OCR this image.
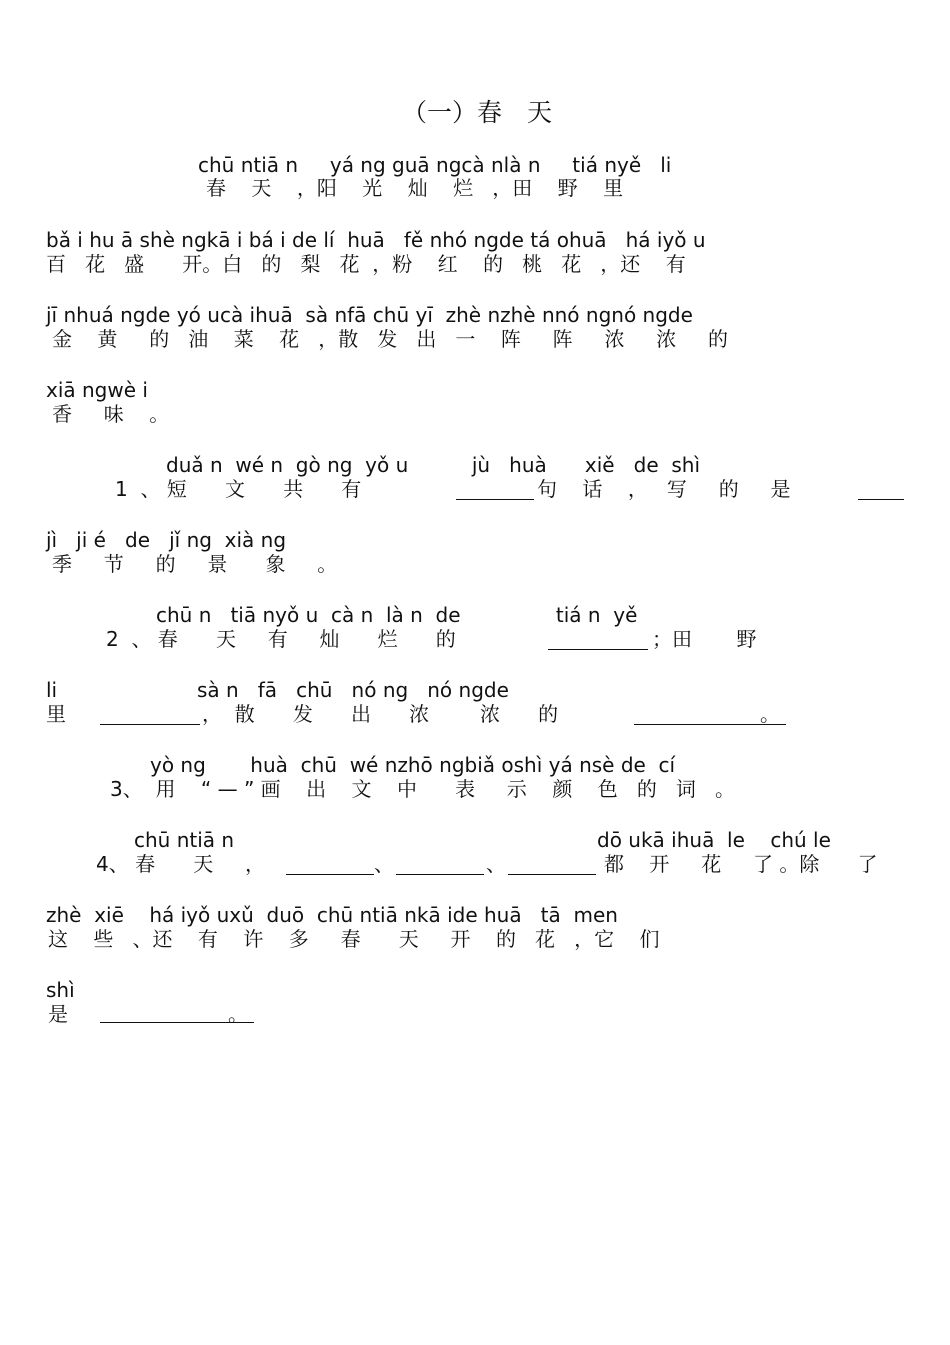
（一）春　天
chū ntiā n     yá ng guā ngcà nlà n     tiá nyě   li
春    天    ，阳    光    灿    烂   ，田    野    里
bǎ i hu ā shè ngkā i bá i de lí  huā   fě nhó ngde tá ohuā   há iyǒ u
百   花   盛      开。白   的   梨   花  ，粉    红    的   桃   花   ，还    有
jī nhuá ngde yó ucà ihuā  sà nfā chū yī  zhè nzhè nnó ngnó ngde
金    黄     的   油    菜    花   ，散   发   出   一    阵     阵     浓     浓     的
xiā ngwè i
香     味    。
duǎ n  wé n  gò ng  yǒ u          jù   huà      xiě   de  shì
1  、 短      文      共      有	句    话    ，   写     的     是
jì   ji é   de   jǐ ng  xià ng
季     节     的     景      象     。
chū n   tiā nyǒ u  cà n  là n  de               tiá n  yě
2  、 春      天     有     灿      烂      的	；田       野
li                      sà n   fā   chū   nó ng   nó ngde
里	，  散      发      出      浓        浓      的	。
yò ng       huà  chū  wé nzhō ngbiǎ oshì yá nsè de  cí
3、  用    “ — ” 画    出    文    中      表     示    颜    色   的   词   。
chū ntiā n	dō ukā ihuā  le    chú le
4、 春      天     ，	、	、	都    开     花     了 。除      了
zhè  xiē    há iyǒ uxǔ  duō  chū ntiā nkā ide huā   tā  men
这    些   、还    有    许    多     春      天     开    的   花   ，它    们
shì
是	。
